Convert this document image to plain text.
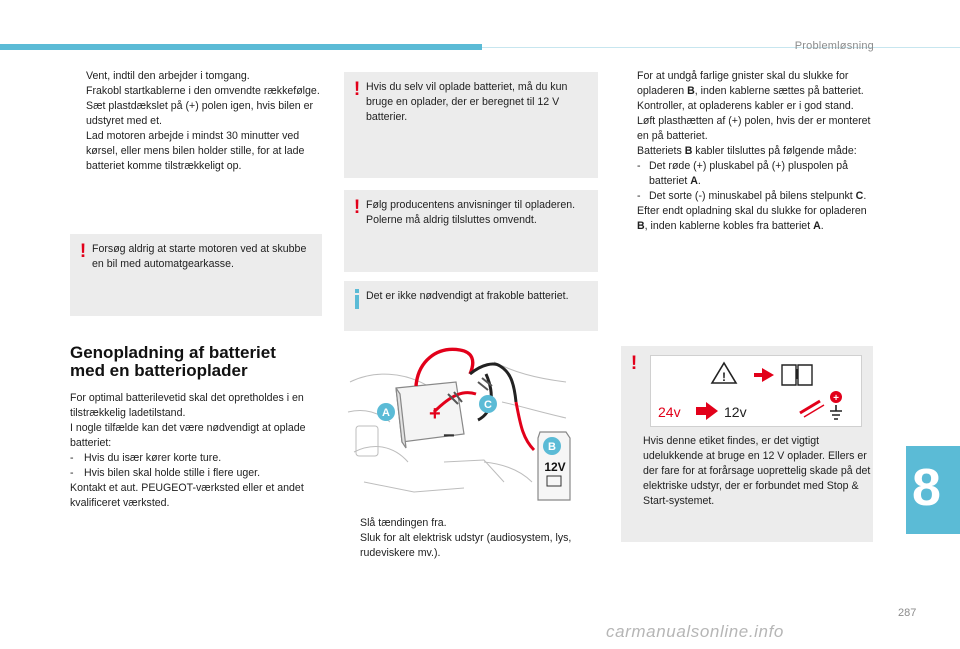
Problemløsning
Vent, indtil den arbejder i tomgang.
Frakobl startkablerne i den omvendte rækkefølge.
Sæt plastdækslet på (+) polen igen, hvis bilen er udstyret med et.
Lad motoren arbejde i mindst 30 minutter ved kørsel, eller mens bilen holder stille, for at lade batteriet komme tilstrækkeligt op.
! Forsøg aldrig at starte motoren ved at skubbe en bil med automatgearkasse.
Genopladning af batteriet
med en batterioplader
For optimal batterilevetid skal det opretholdes i en tilstrækkelig ladetilstand.
I nogle tilfælde kan det være nødvendigt at oplade batteriet:
- Hvis du især kører korte ture.
- Hvis bilen skal holde stille i flere uger.
Kontakt et aut. PEUGEOT-værksted eller et andet kvalificeret værksted.
! Hvis du selv vil oplade batteriet, må du kun bruge en oplader, der er beregnet til 12 V batterier.
! Følg producentens anvisninger til opladeren.
Polerne må aldrig tilsluttes omvendt.
Det er ikke nødvendigt at frakoble batteriet.
+
−
A
C
B
12V
Slå tændingen fra.
Sluk for alt elektrisk udstyr (audiosystem, lys, rudeviskere mv.).
For at undgå farlige gnister skal du slukke for opladeren B, inden kablerne sættes på batteriet.
Kontroller, at opladerens kabler er i god stand.
Løft plasthætten af (+) polen, hvis der er monteret en på batteriet.
Batteriets B kabler tilsluttes på følgende måde:
- Det røde (+) pluskabel på (+) pluspolen på batteriet A.
- Det sorte (-) minuskabel på bilens stelpunkt C.
Efter endt opladning skal du slukke for opladeren B, inden kablerne kobles fra batteriet A.
!
!
24v	12v
+
Hvis denne etiket findes, er det vigtigt udelukkende at bruge en 12 V oplader. Ellers er der fare for at forårsage uoprettelig skade på det elektriske udstyr, der er forbundet med Stop & Start-systemet.	8
287
carmanualsonline.info
